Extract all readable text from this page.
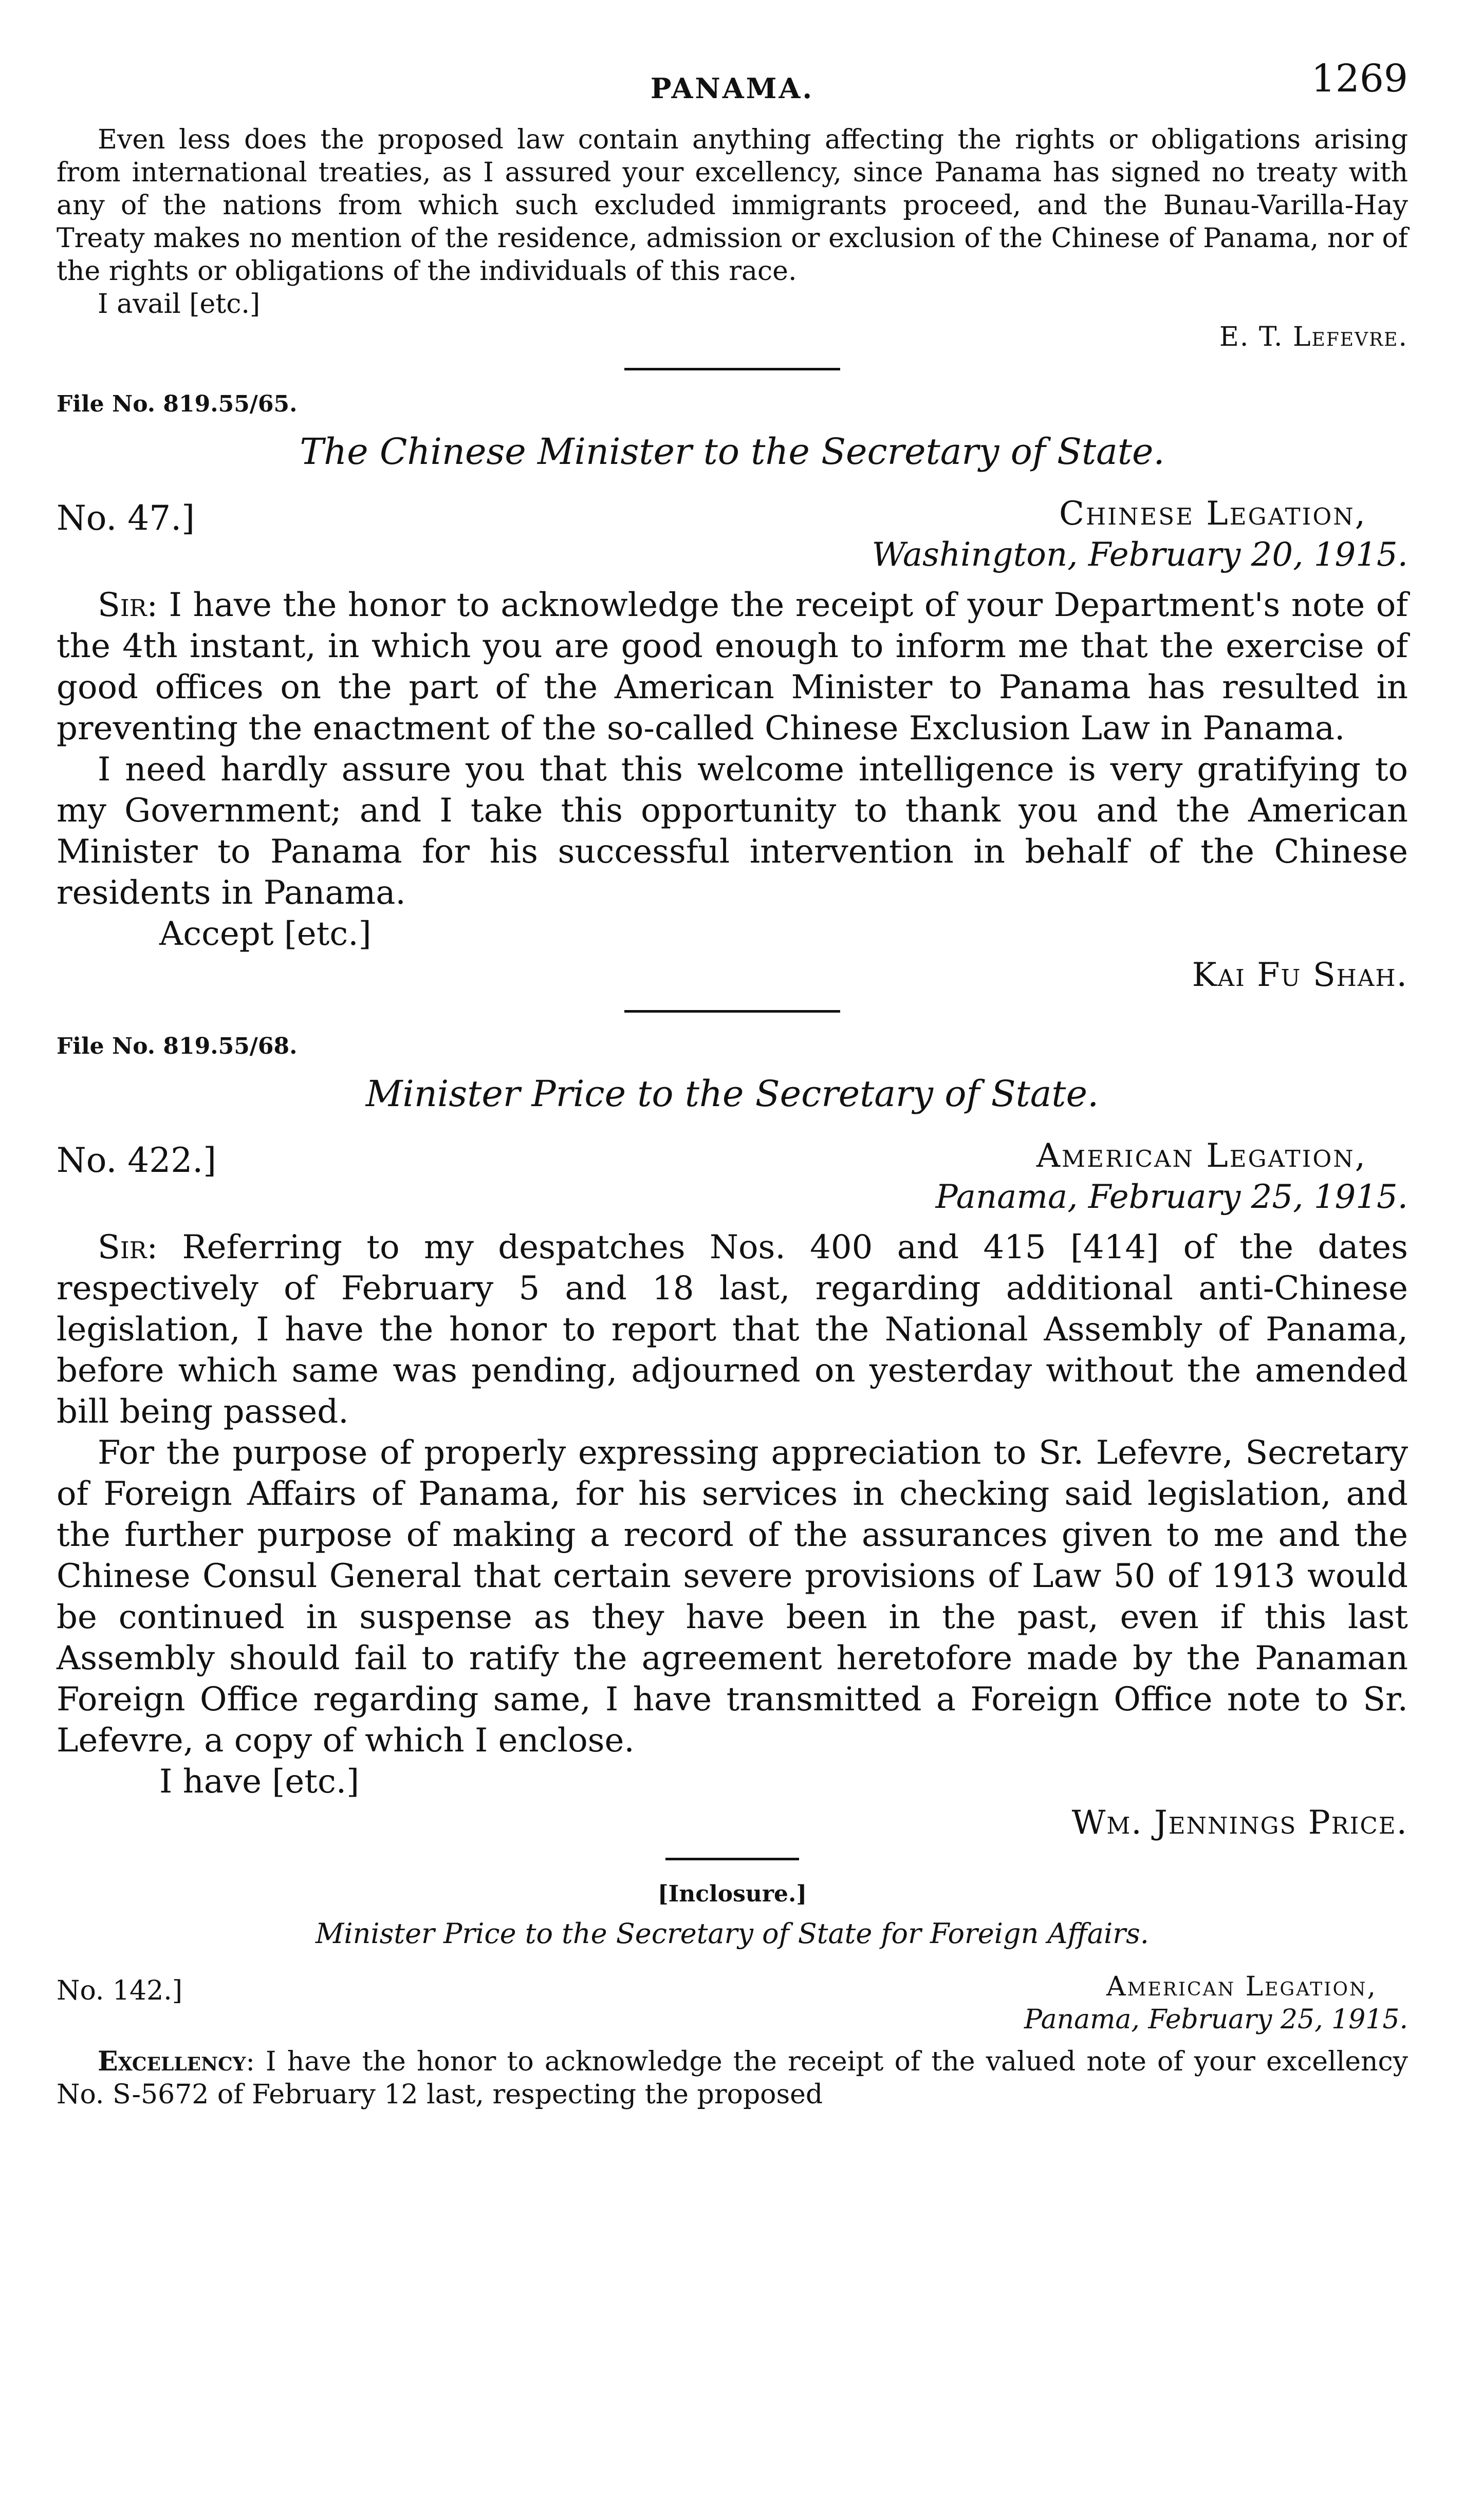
PANAMA.	1269

Even less does the proposed law contain anything affecting the rights or obligations arising from international treaties, as I assured your excellency, since Panama has signed no treaty with any of the nations from which such excluded immigrants proceed, and the Bunau-Varilla-Hay Treaty makes no mention of the residence, admission or exclusion of the Chinese of Panama, nor of the rights or obligations of the individuals of this race.

I avail [etc.]

E. T. Lefevre.

File No. 819.55/65.
The Chinese Minister to the Secretary of State.
No. 47.]	Chinese Legation,
Washington, February 20, 1915.

Sir: I have the honor to acknowledge the receipt of your Department's note of the 4th instant, in which you are good enough to inform me that the exercise of good offices on the part of the American Minister to Panama has resulted in preventing the enactment of the so-called Chinese Exclusion Law in Panama.

I need hardly assure you that this welcome intelligence is very gratifying to my Government; and I take this opportunity to thank you and the American Minister to Panama for his successful intervention in behalf of the Chinese residents in Panama.

Accept [etc.]

Kai Fu Shah.

File No. 819.55/68.
Minister Price to the Secretary of State.
No. 422.]	American Legation,
Panama, February 25, 1915.

Sir: Referring to my despatches Nos. 400 and 415 [414] of the dates respectively of February 5 and 18 last, regarding additional anti-Chinese legislation, I have the honor to report that the National Assembly of Panama, before which same was pending, adjourned on yesterday without the amended bill being passed.

For the purpose of properly expressing appreciation to Sr. Lefevre, Secretary of Foreign Affairs of Panama, for his services in checking said legislation, and the further purpose of making a record of the assurances given to me and the Chinese Consul General that certain severe provisions of Law 50 of 1913 would be continued in suspense as they have been in the past, even if this last Assembly should fail to ratify the agreement heretofore made by the Panaman Foreign Office regarding same, I have transmitted a Foreign Office note to Sr. Lefevre, a copy of which I enclose.

I have [etc.]

Wm. Jennings Price.

[Inclosure.]
Minister Price to the Secretary of State for Foreign Affairs.
No. 142.]	American Legation,
Panama, February 25, 1915.

Excellency: I have the honor to acknowledge the receipt of the valued note of your excellency No. S-5672 of February 12 last, respecting the proposed
